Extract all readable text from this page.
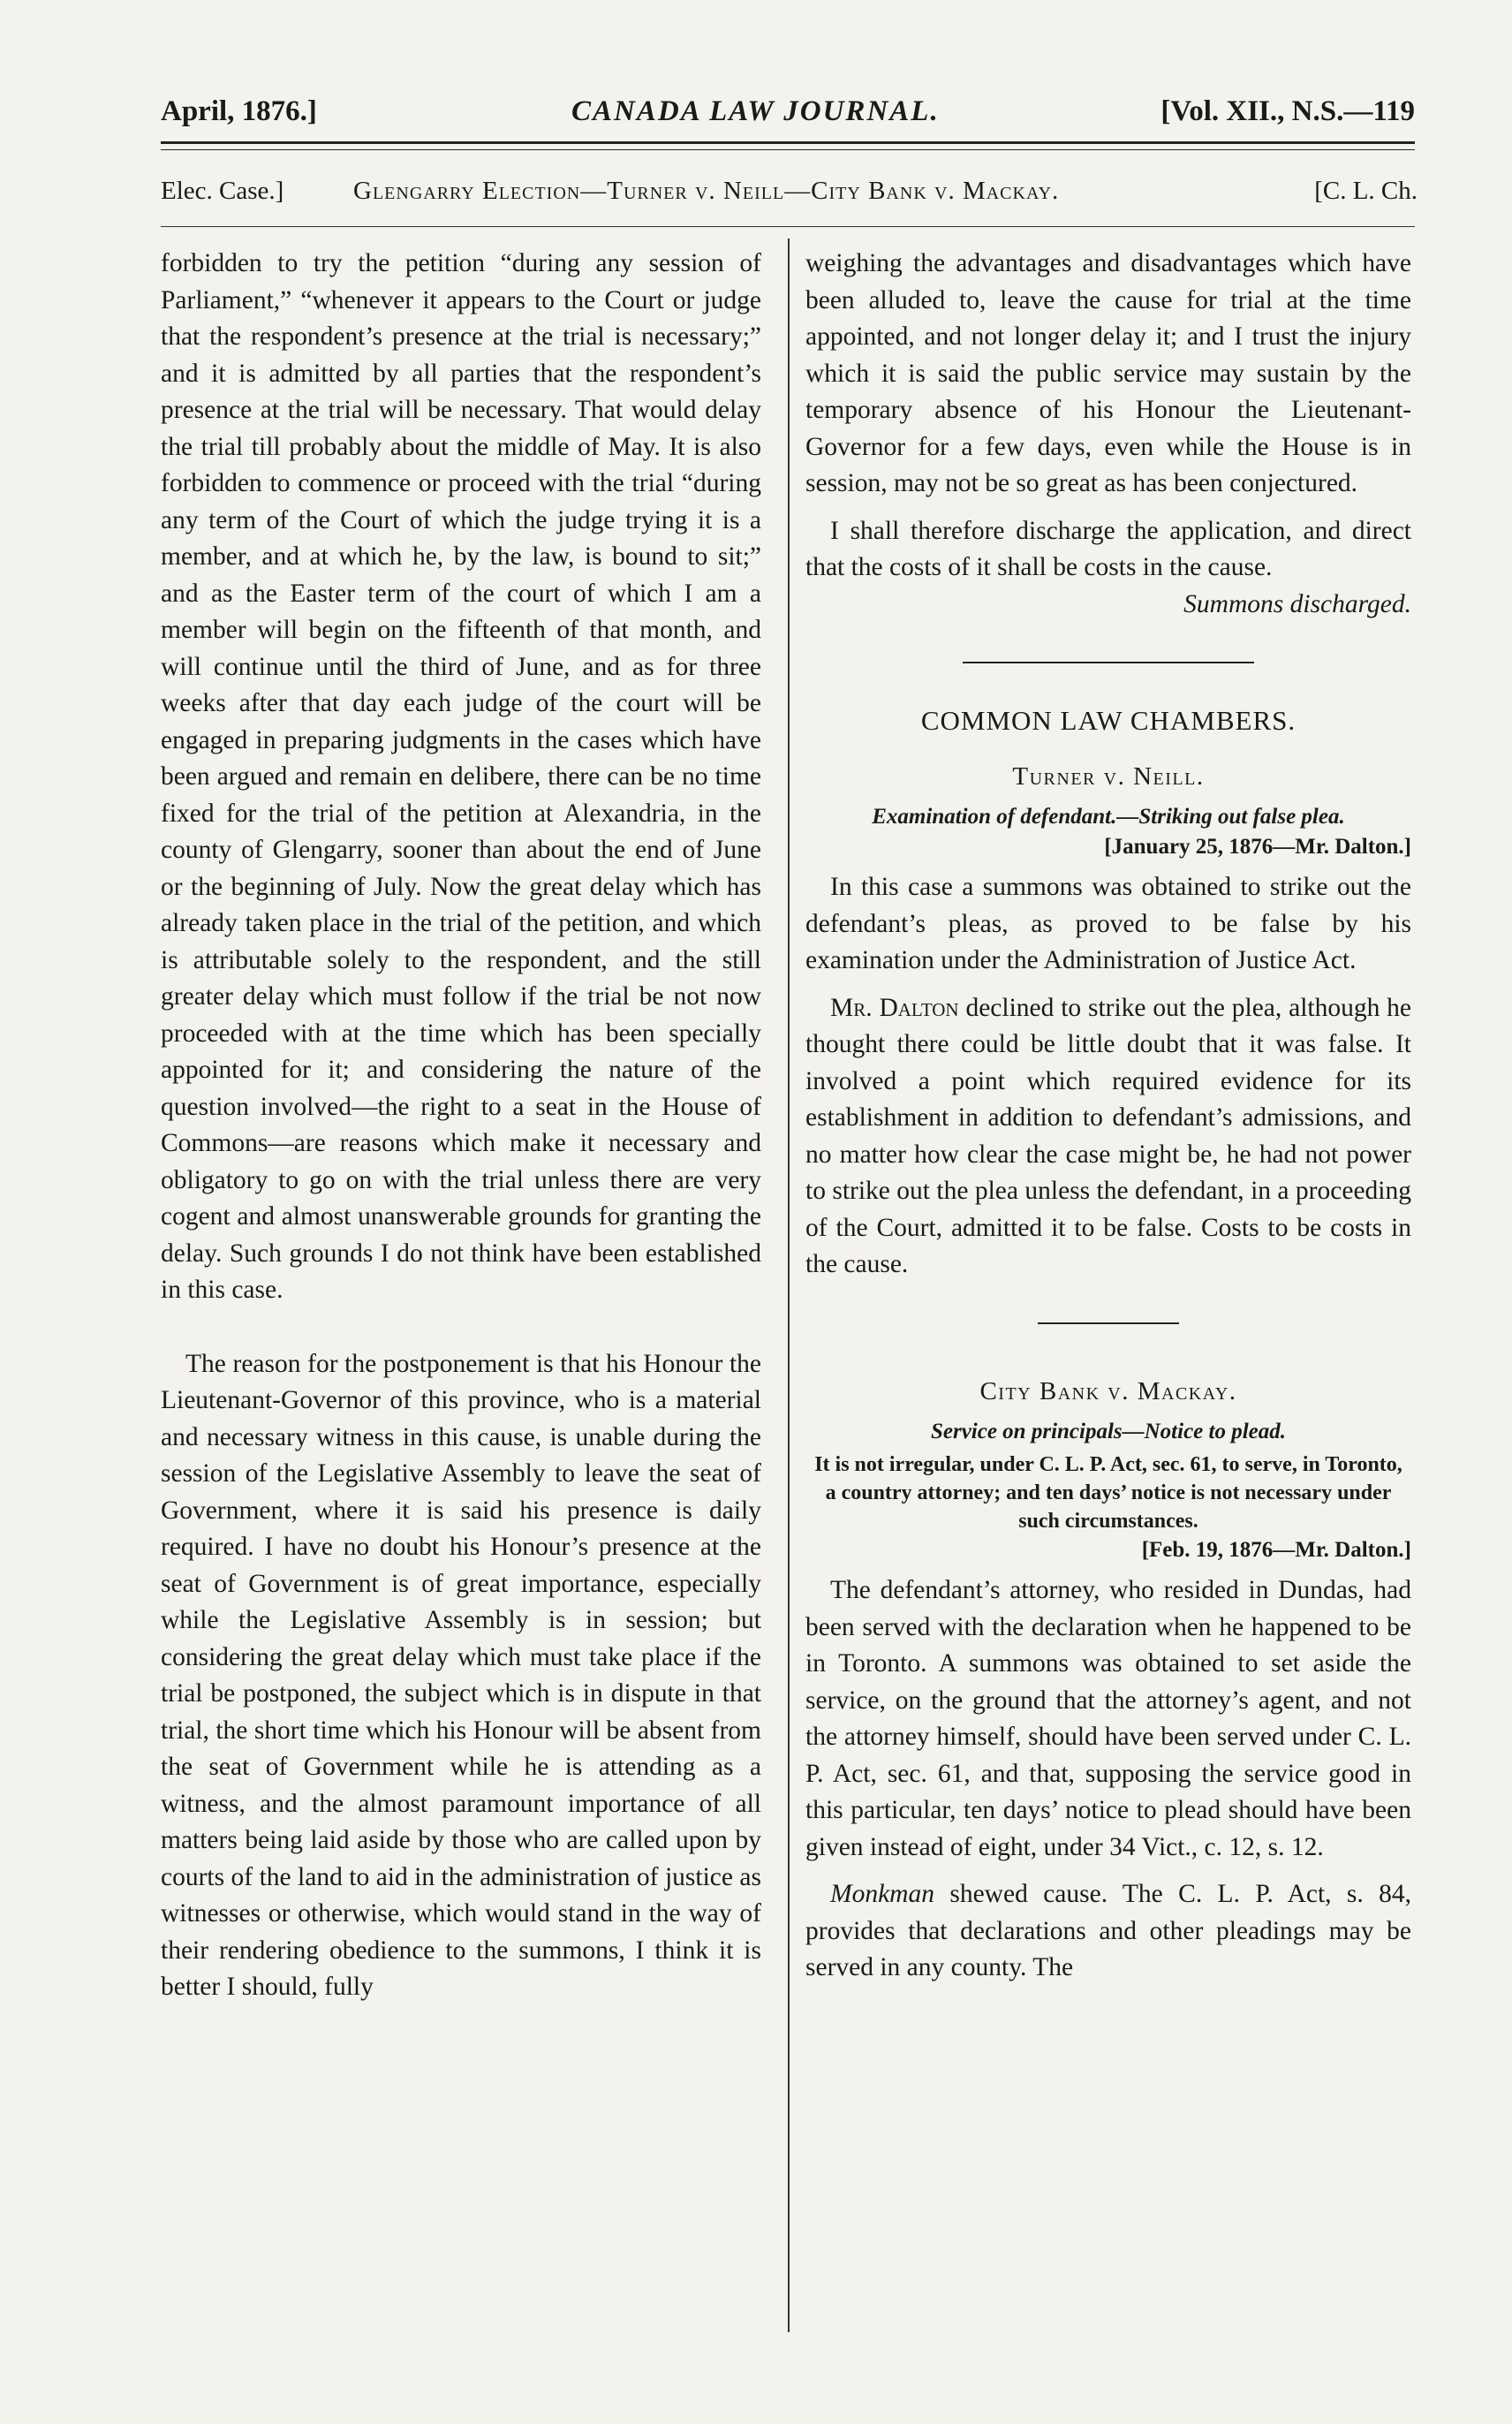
April, 1876.]	CANADA LAW JOURNAL.	[Vol. XII., N.S.—119
Elec. Case.]	Glengarry Election—Turner v. Neill—City Bank v. Mackay.	[C. L. Ch.

forbidden to try the petition “during any session of Parliament,” “whenever it appears to the Court or judge that the respondent’s presence at the trial is necessary;” and it is admitted by all parties that the respondent’s presence at the trial will be necessary. That would delay the trial till probably about the middle of May. It is also forbidden to commence or proceed with the trial “during any term of the Court of which the judge trying it is a member, and at which he, by the law, is bound to sit;” and as the Easter term of the court of which I am a member will begin on the fifteenth of that month, and will continue until the third of June, and as for three weeks after that day each judge of the court will be engaged in preparing judgments in the cases which have been argued and remain en delibere, there can be no time fixed for the trial of the petition at Alexandria, in the county of Glengarry, sooner than about the end of June or the beginning of July. Now the great delay which has already taken place in the trial of the petition, and which is attributable solely to the respondent, and the still greater delay which must follow if the trial be not now proceeded with at the time which has been specially appointed for it; and considering the nature of the question involved—the right to a seat in the House of Commons—are reasons which make it necessary and obligatory to go on with the trial unless there are very cogent and almost unanswerable grounds for granting the delay. Such grounds I do not think have been established in this case.

The reason for the postponement is that his Honour the Lieutenant-Governor of this province, who is a material and necessary witness in this cause, is unable during the session of the Legislative Assembly to leave the seat of Government, where it is said his presence is daily required. I have no doubt his Honour’s presence at the seat of Government is of great importance, especially while the Legislative Assembly is in session; but considering the great delay which must take place if the trial be postponed, the subject which is in dispute in that trial, the short time which his Honour will be absent from the seat of Government while he is attending as a witness, and the almost paramount importance of all matters being laid aside by those who are called upon by courts of the land to aid in the administration of justice as witnesses or otherwise, which would stand in the way of their rendering obedience to the summons, I think it is better I should, fully

weighing the advantages and disadvantages which have been alluded to, leave the cause for trial at the time appointed, and not longer delay it; and I trust the injury which it is said the public service may sustain by the temporary absence of his Honour the Lieutenant-Governor for a few days, even while the House is in session, may not be so great as has been conjectured.

I shall therefore discharge the application, and direct that the costs of it shall be costs in the cause.

Summons discharged.

COMMON LAW CHAMBERS.
Turner v. Neill.

Examination of defendant.—Striking out false plea.

[January 25, 1876—Mr. Dalton.]

In this case a summons was obtained to strike out the defendant’s pleas, as proved to be false by his examination under the Administration of Justice Act.

Mr. Dalton declined to strike out the plea, although he thought there could be little doubt that it was false. It involved a point which required evidence for its establishment in addition to defendant’s admissions, and no matter how clear the case might be, he had not power to strike out the plea unless the defendant, in a proceeding of the Court, admitted it to be false. Costs to be costs in the cause.

City Bank v. Mackay.

Service on principals—Notice to plead.

It is not irregular, under C. L. P. Act, sec. 61, to serve, in Toronto, a country attorney; and ten days’ notice is not necessary under such circumstances.

[Feb. 19, 1876—Mr. Dalton.]

The defendant’s attorney, who resided in Dundas, had been served with the declaration when he happened to be in Toronto. A summons was obtained to set aside the service, on the ground that the attorney’s agent, and not the attorney himself, should have been served under C. L. P. Act, sec. 61, and that, supposing the service good in this particular, ten days’ notice to plead should have been given instead of eight, under 34 Vict., c. 12, s. 12.

Monkman shewed cause. The C. L. P. Act, s. 84, provides that declarations and other pleadings may be served in any county. The
